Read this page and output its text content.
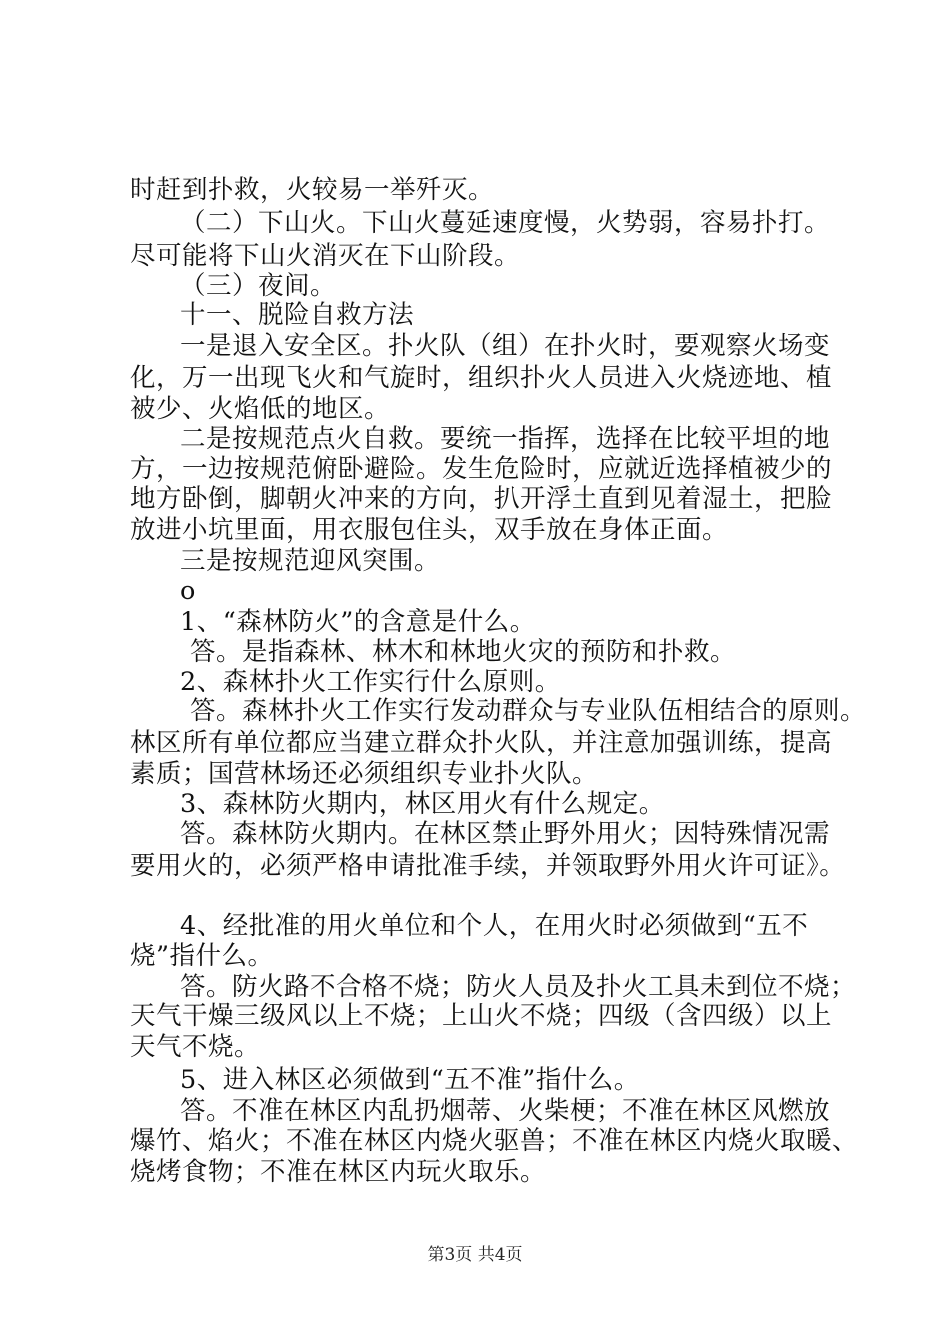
时赶到扑救，火较易一举歼灭。
（二）下山火。下山火蔓延速度慢，火势弱，容易扑打。
尽可能将下山火消灭在下山阶段。
（三）夜间。
十一、脱险自救方法
一是退入安全区。扑火队（组）在扑火时，要观察火场变
化，万一出现飞火和气旋时，组织扑火人员进入火烧迹地、植
被少、火焰低的地区。
二是按规范点火自救。要统一指挥，选择在比较平坦的地
方，一边按规范俯卧避险。发生危险时，应就近选择植被少的
地方卧倒，脚朝火冲来的方向，扒开浮土直到见着湿土，把脸
放进小坑里面，用衣服包住头，双手放在身体正面。
三是按规范迎风突围。
o
1、“森林防火”的含意是什么。
答。是指森林、林木和林地火灾的预防和扑救。
2、森林扑火工作实行什么原则。
答。森林扑火工作实行发动群众与专业队伍相结合的原则。
林区所有单位都应当建立群众扑火队，并注意加强训练，提高
素质；国营林场还必须组织专业扑火队。
3、森林防火期内，林区用火有什么规定。
答。森林防火期内。在林区禁止野外用火；因特殊情况需
要用火的，必须严格申请批准手续，并领取野外用火许可证》。
4、经批准的用火单位和个人，在用火时必须做到“五不
烧”指什么。
答。防火路不合格不烧；防火人员及扑火工具未到位不烧；
天气干燥三级风以上不烧；上山火不烧；四级（含四级）以上
天气不烧。
5、进入林区必须做到“五不准”指什么。
答。不准在林区内乱扔烟蒂、火柴梗；不准在林区风燃放
爆竹、焰火；不准在林区内烧火驱兽；不准在林区内烧火取暖、
烧烤食物；不准在林区内玩火取乐。
第3页 共4页
